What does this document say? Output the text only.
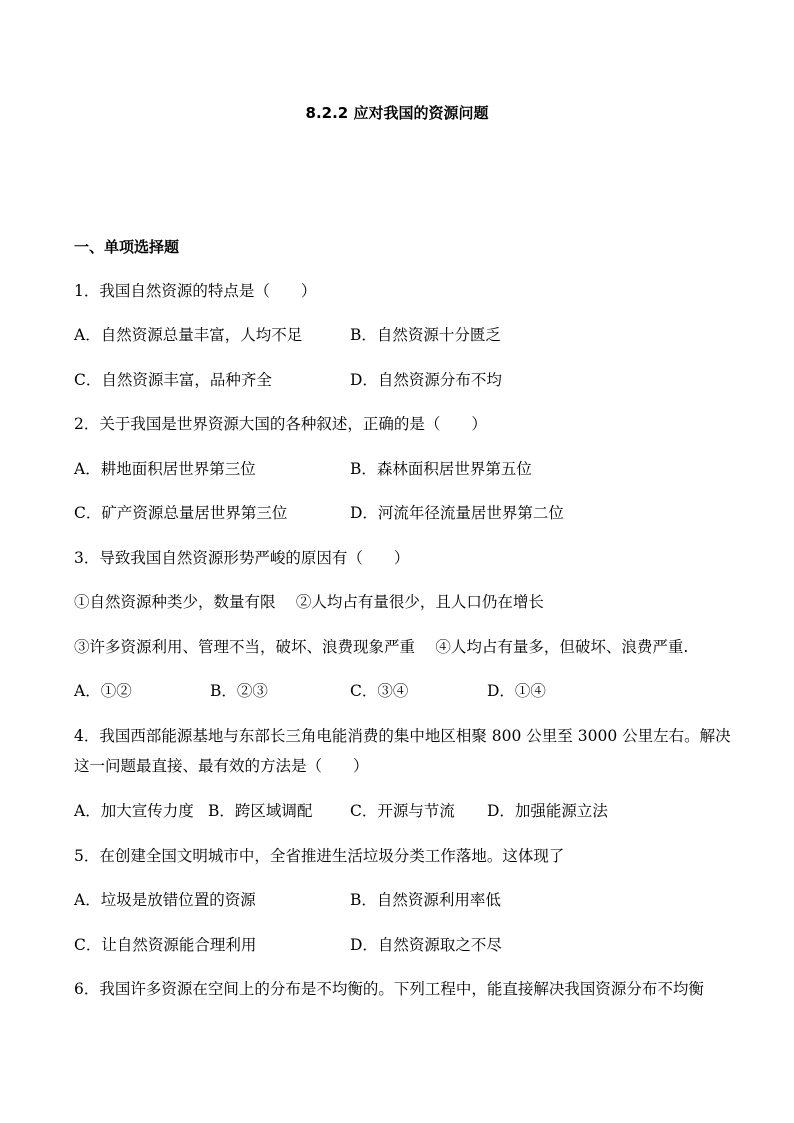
8.2.2 应对我国的资源问题
一、单项选择题
1．我国自然资源的特点是（　　）
A．自然资源总量丰富，人均不足	B．自然资源十分匮乏
C．自然资源丰富，品种齐全	D．自然资源分布不均
2．关于我国是世界资源大国的各种叙述，正确的是（　　）
A．耕地面积居世界第三位	B．森林面积居世界第五位
C．矿产资源总量居世界第三位	D．河流年径流量居世界第二位
3．导致我国自然资源形势严峻的原因有（　　）
①自然资源种类少，数量有限　 ②人均占有量很少，且人口仍在增长
③许多资源利用、管理不当，破坏、浪费现象严重　 ④人均占有量多，但破坏、浪费严重.
A．①②	B．②③	C．③④	D．①④
4．我国西部能源基地与东部长三角电能消费的集中地区相聚 800 公里至 3000 公里左右。解决
这一问题最直接、最有效的方法是（　　）
A．加大宣传力度 B．跨区域调配 C．开源与节流 D．加强能源立法
5．在创建全国文明城市中，全省推进生活垃圾分类工作落地。这体现了
A．垃圾是放错位置的资源	B．自然资源利用率低
C．让自然资源能合理利用	D．自然资源取之不尽
6．我国许多资源在空间上的分布是不均衡的。下列工程中，能直接解决我国资源分布不均衡
